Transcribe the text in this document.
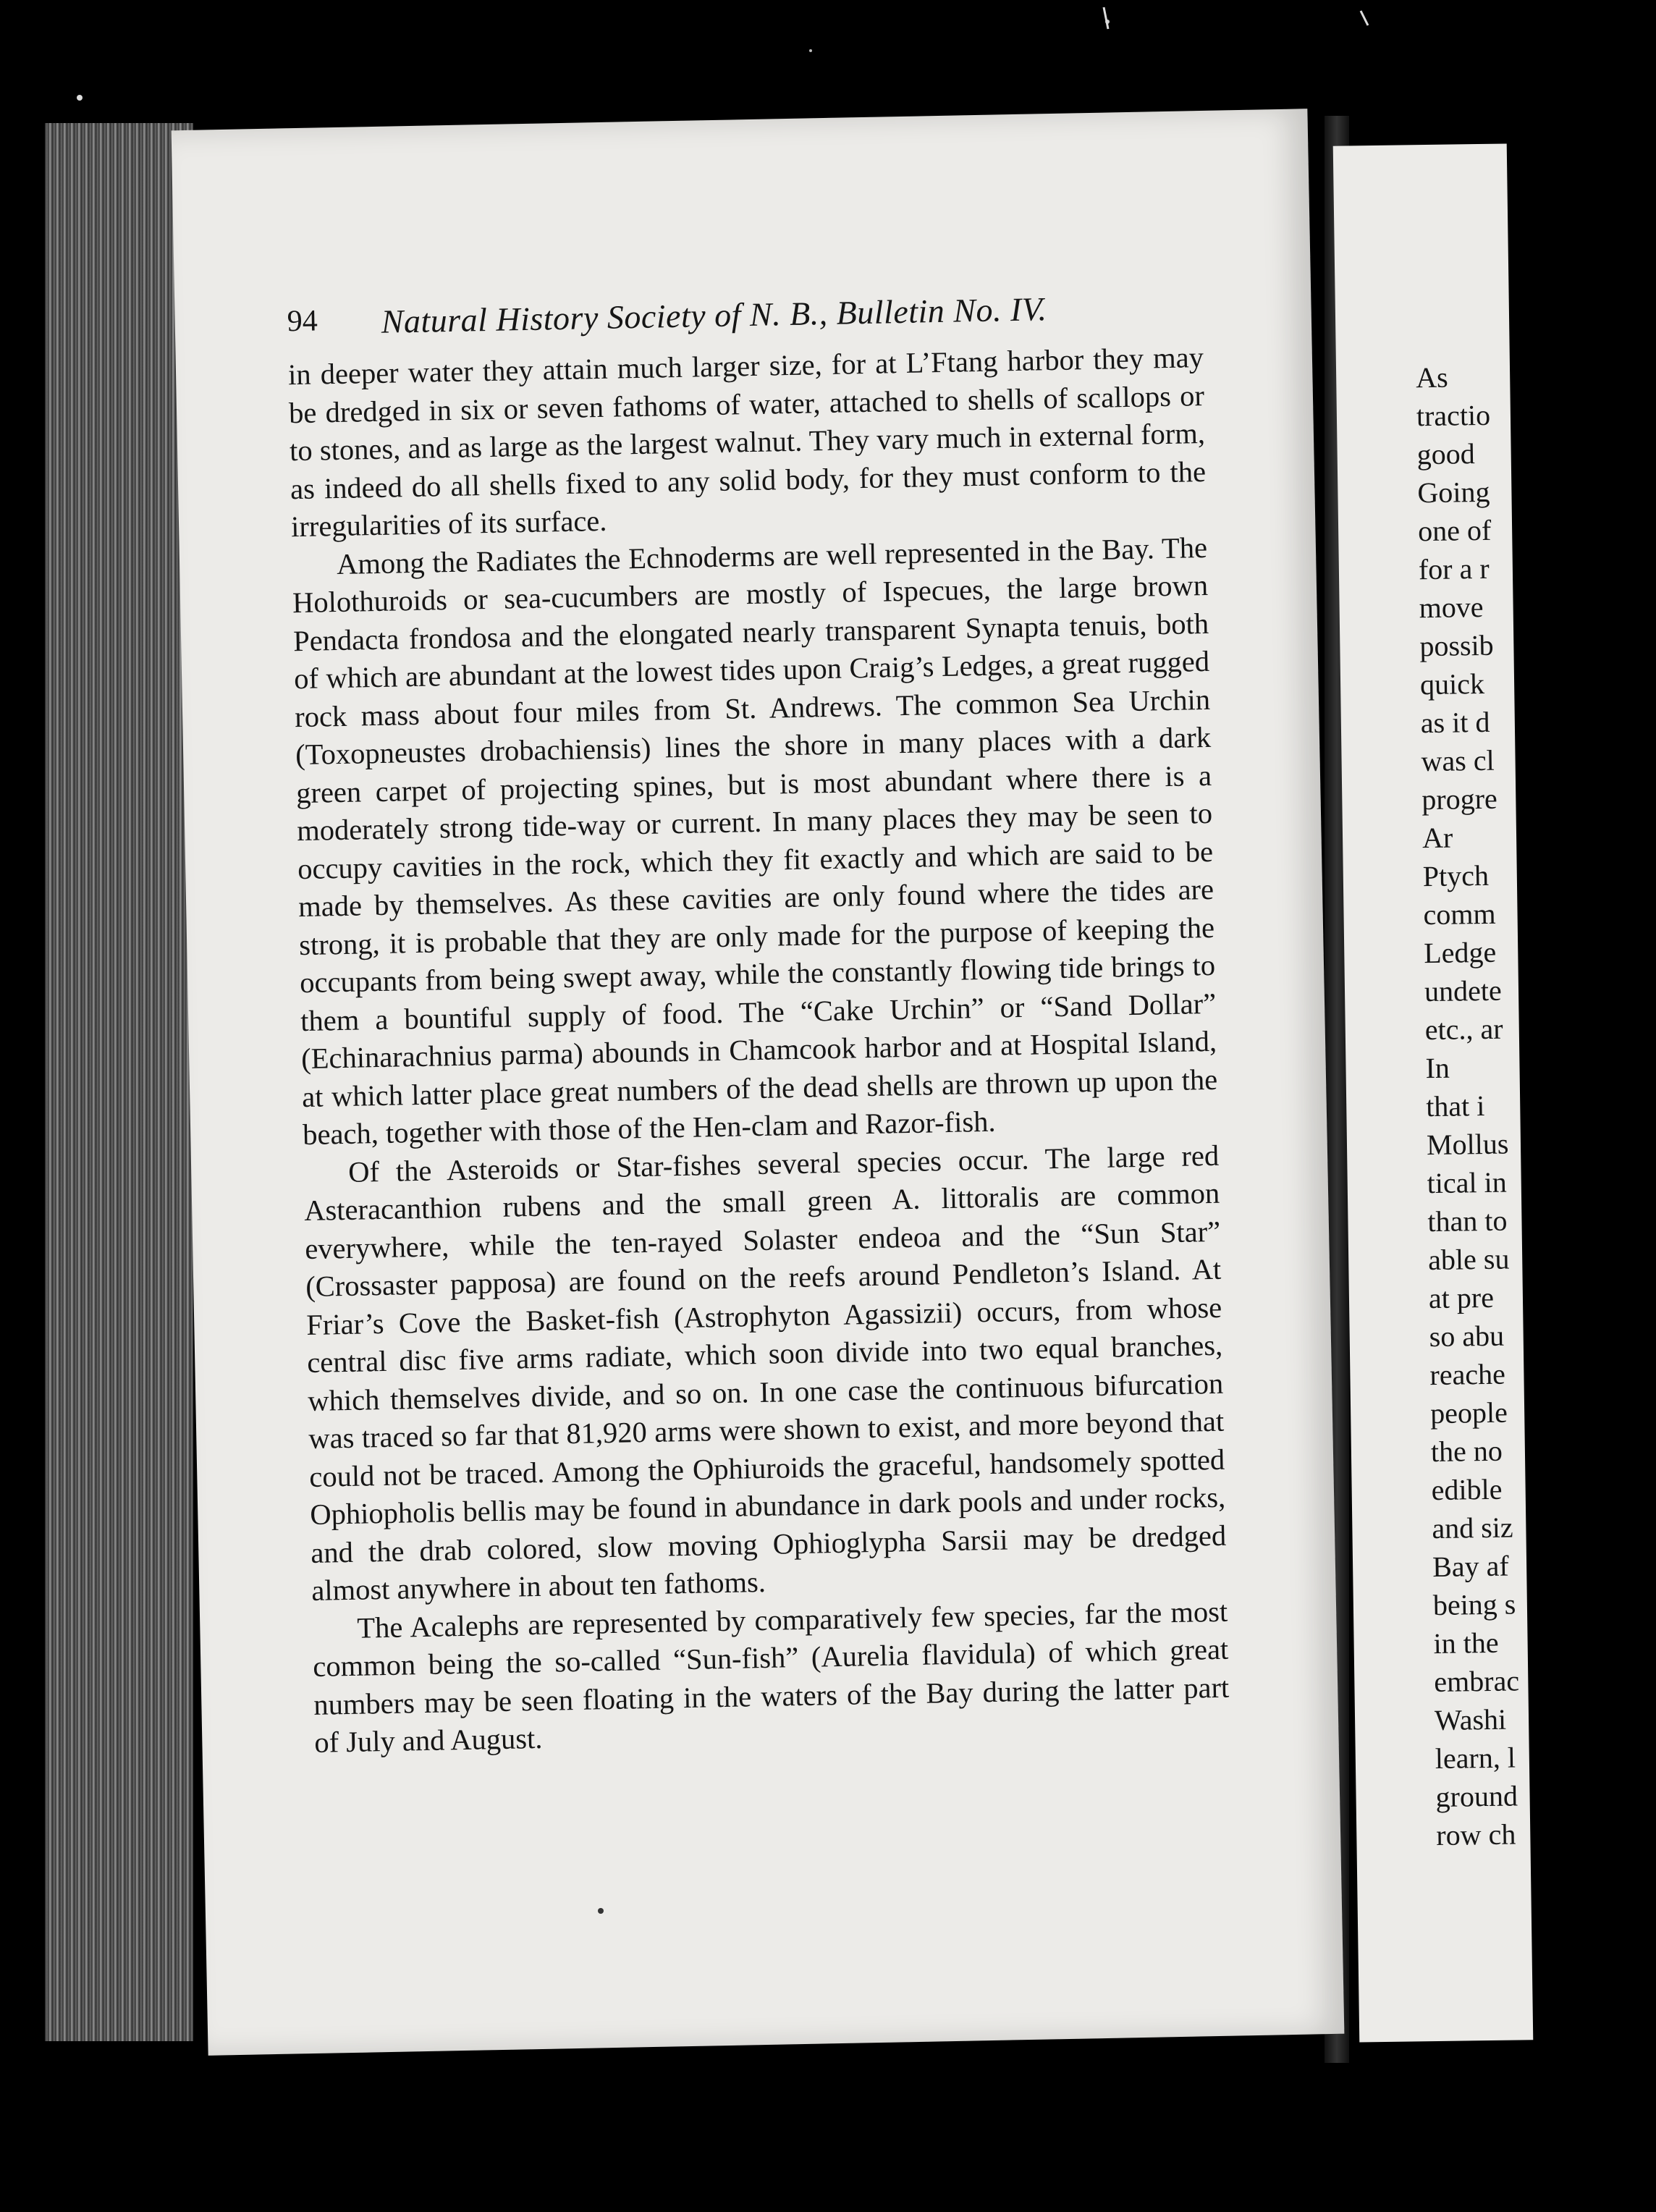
94 Natural History Society of N. B., Bulletin No. IV.

in deeper water they attain much larger size, for at L’Ftang harbor they may be dredged in six or seven fathoms of water, attached to shells of scallops or to stones, and as large as the largest walnut. They vary much in external form, as indeed do all shells fixed to any solid body, for they must conform to the irregularities of its surface.

Among the Radiates the Echnoderms are well represented in the Bay. The Holothuroids or sea-cucumbers are mostly of Ispecues, the large brown Pendacta frondosa and the elongated nearly transparent Synapta tenuis, both of which are abundant at the lowest tides upon Craig’s Ledges, a great rugged rock mass about four miles from St. Andrews. The common Sea Urchin (Toxopneustes drobachiensis) lines the shore in many places with a dark green carpet of projecting spines, but is most abundant where there is a moderately strong tide-way or current. In many places they may be seen to occupy cavities in the rock, which they fit exactly and which are said to be made by themselves. As these cavities are only found where the tides are strong, it is probable that they are only made for the purpose of keeping the occupants from being swept away, while the constantly flowing tide brings to them a bountiful supply of food. The “Cake Urchin” or “Sand Dollar” (Echinarachnius parma) abounds in Chamcook harbor and at Hospital Island, at which latter place great numbers of the dead shells are thrown up upon the beach, together with those of the Hen-clam and Razor-fish.

Of the Asteroids or Star-fishes several species occur. The large red Asteracanthion rubens and the small green A. littoralis are common everywhere, while the ten-rayed Solaster endeoa and the “Sun Star” (Crossaster papposa) are found on the reefs around Pendleton’s Island. At Friar’s Cove the Basket-fish (Astrophyton Agassizii) occurs, from whose central disc five arms radiate, which soon divide into two equal branches, which themselves divide, and so on. In one case the continuous bifurcation was traced so far that 81,920 arms were shown to exist, and more beyond that could not be traced. Among the Ophiuroids the graceful, handsomely spotted Ophiopholis bellis may be found in abundance in dark pools and under rocks, and the drab colored, slow moving Ophioglypha Sarsii may be dredged almost anywhere in about ten fathoms.

The Acalephs are represented by comparatively few species, far the most common being the so-called “Sun-fish” (Aurelia flavidula) of which great numbers may be seen floating in the waters of the Bay during the latter part of July and August.

As
tractio
good
Going
one of
for a r
move
possib
quick
as it d
was cl
progre
Ar
Ptych
comm
Ledge
undete
etc., ar
In
that i
Mollus
tical in
than to
able su
at pre
so abu
reache
people
the no
edible
and siz
Bay af
being s
in the
embrac
Washi
learn, l
ground
row ch
